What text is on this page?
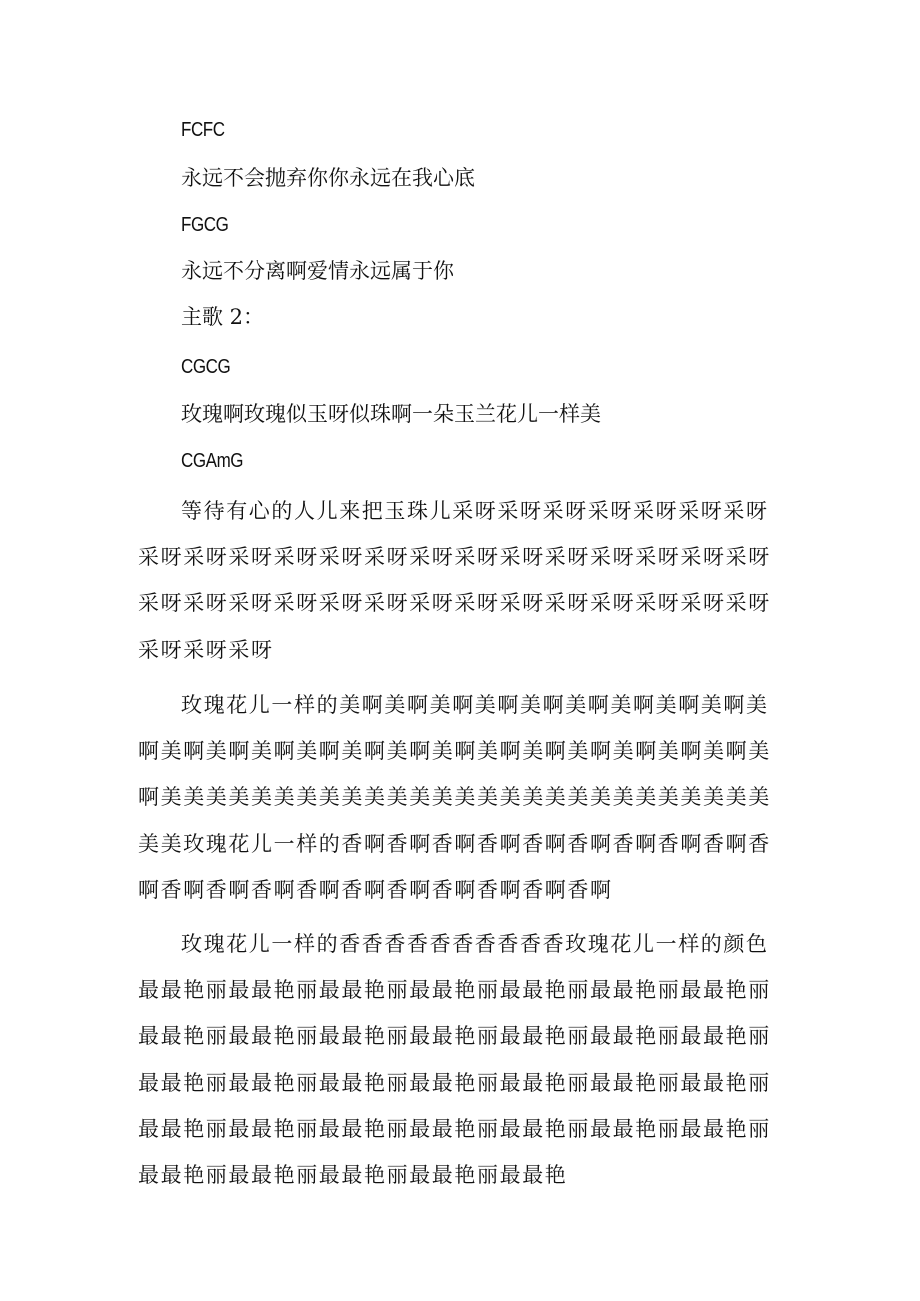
FCFC
永远不会抛弃你你永远在我心底
FGCG
永远不分离啊爱情永远属于你
主歌 2：
CGCG
玫瑰啊玫瑰似玉呀似珠啊一朵玉兰花儿一样美
CGAmG
等待有心的人儿来把玉珠儿采呀采呀采呀采呀采呀采呀采呀采呀采呀采呀采呀采呀采呀采呀采呀采呀采呀采呀采呀采呀采呀采呀采呀采呀采呀采呀采呀采呀采呀采呀采呀采呀采呀采呀采呀采呀采呀采呀
玫瑰花儿一样的美啊美啊美啊美啊美啊美啊美啊美啊美啊美啊美啊美啊美啊美啊美啊美啊美啊美啊美啊美啊美啊美啊美啊美啊美美美美美美美美美美美美美美美美美美美美美美美美美美美美美玫瑰花儿一样的香啊香啊香啊香啊香啊香啊香啊香啊香啊香啊香啊香啊香啊香啊香啊香啊香啊香啊香啊香啊
玫瑰花儿一样的香香香香香香香香香香玫瑰花儿一样的颜色最最艳丽最最艳丽最最艳丽最最艳丽最最艳丽最最艳丽最最艳丽最最艳丽最最艳丽最最艳丽最最艳丽最最艳丽最最艳丽最最艳丽最最艳丽最最艳丽最最艳丽最最艳丽最最艳丽最最艳丽最最艳丽最最艳丽最最艳丽最最艳丽最最艳丽最最艳丽最最艳丽最最艳丽最最艳丽最最艳丽最最艳丽最最艳丽最最艳
